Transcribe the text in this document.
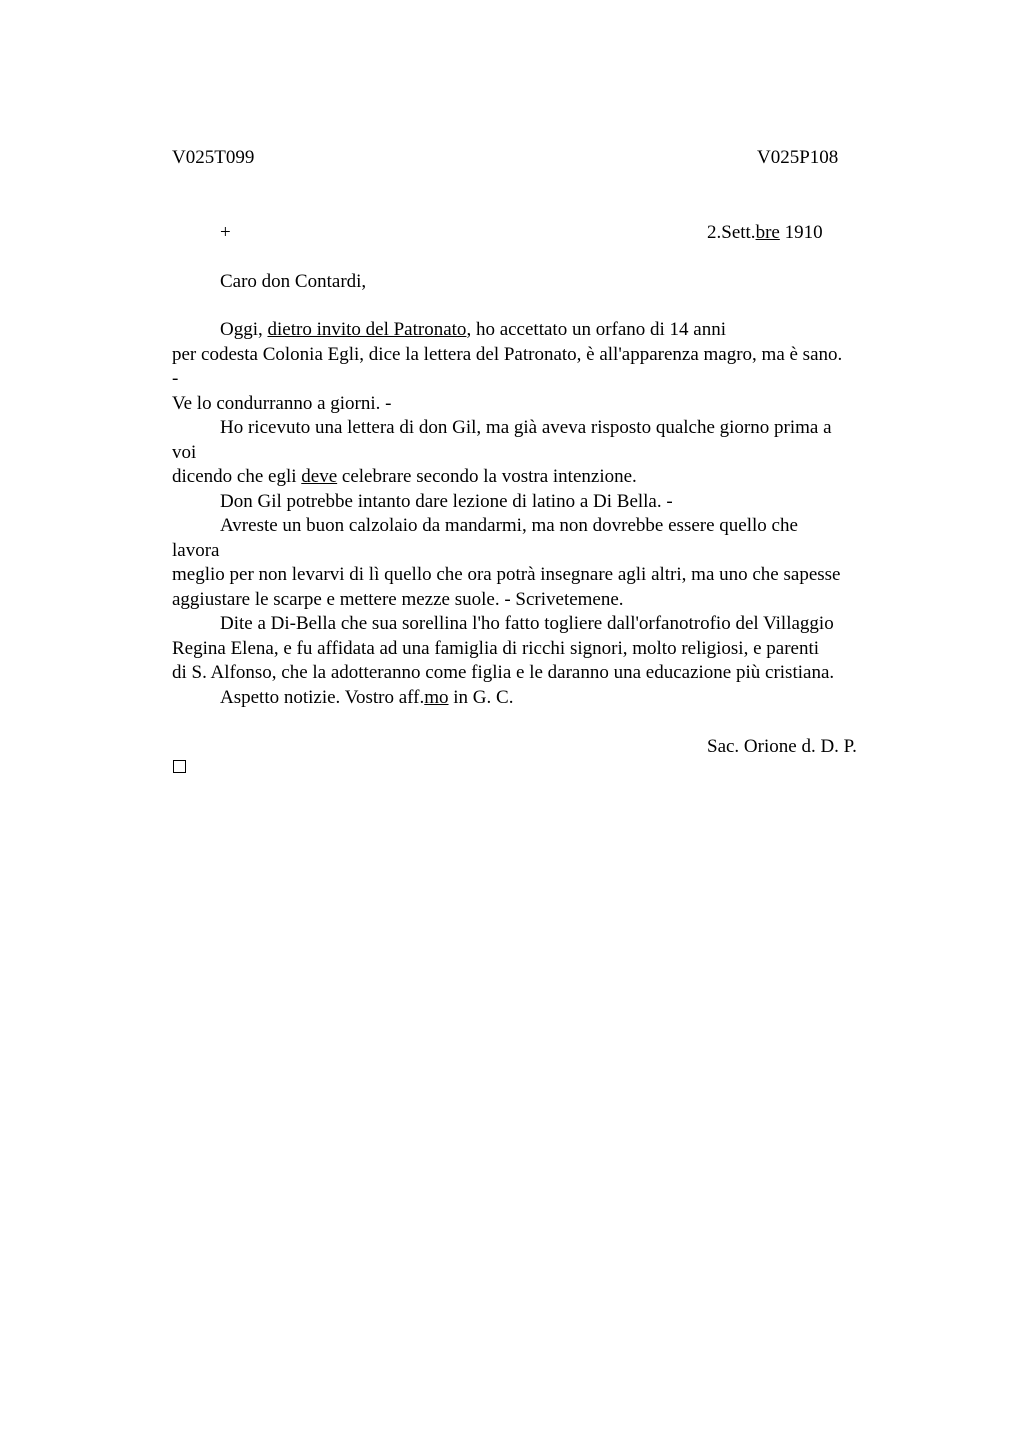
V025T099	V025P108
+	2.Sett.bre 1910
Caro don Contardi,
Oggi, dietro invito del Patronato, ho accettato un orfano di 14 anni
per codesta Colonia Egli, dice la lettera del Patronato, è all'apparenza magro, ma è sano.
-
Ve lo condurranno a giorni. -
Ho ricevuto una lettera di don Gil, ma già aveva risposto qualche giorno prima a
voi
dicendo che egli deve celebrare secondo la vostra intenzione.
Don Gil potrebbe intanto dare lezione di latino a Di Bella. -
Avreste un buon calzolaio da mandarmi, ma non dovrebbe essere quello che
lavora
meglio per non levarvi di lì quello che ora potrà insegnare agli altri, ma uno che sapesse
aggiustare le scarpe e mettere mezze suole. - Scrivetemene.
Dite a Di-Bella che sua sorellina l'ho fatto togliere dall'orfanotrofio del Villaggio
Regina Elena, e fu affidata ad una famiglia di ricchi signori, molto religiosi, e parenti
di S. Alfonso, che la adotteranno come figlia e le daranno una educazione più cristiana.
Aspetto notizie. Vostro aff.mo in G. C.
Sac. Orione d. D. P.
